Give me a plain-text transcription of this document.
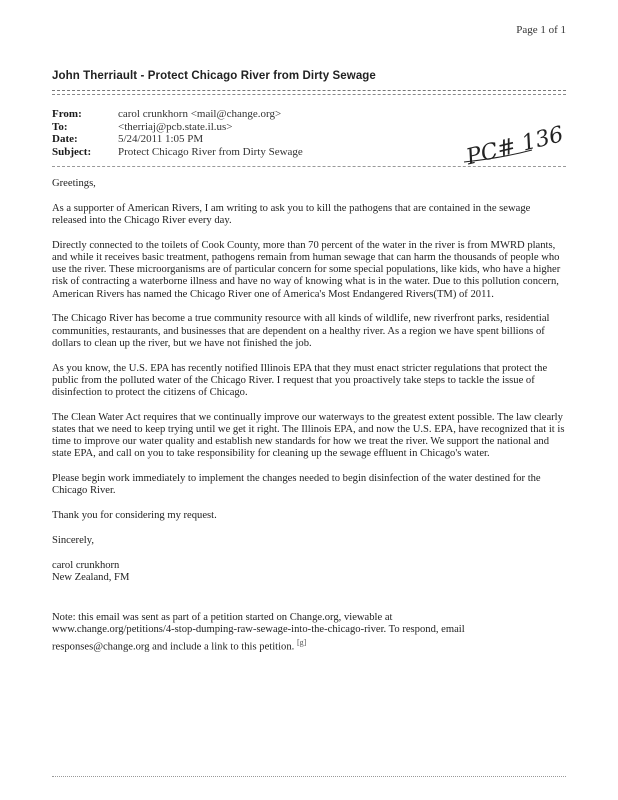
Page 1 of 1
John Therriault - Protect Chicago River from Dirty Sewage
From:	carol crunkhorn <mail@change.org>
To:	<therriaj@pcb.state.il.us>
Date:	5/24/2011 1:05 PM
Subject:	Protect Chicago River from Dirty Sewage	PC# 136

Greetings,

As a supporter of American Rivers, I am writing to ask you to kill the pathogens that are contained in the sewage released into the Chicago River every day.

Directly connected to the toilets of Cook County, more than 70 percent of the water in the river is from MWRD plants, and while it receives basic treatment, pathogens remain from human sewage that can harm the thousands of people who use the river. These microorganisms are of particular concern for some special populations, like kids, who have a higher risk of contracting a waterborne illness and have no way of knowing what is in the water. Due to this pollution concern, American Rivers has named the Chicago River one of America's Most Endangered Rivers(TM) of 2011.

The Chicago River has become a true community resource with all kinds of wildlife, new riverfront parks, residential communities, restaurants, and businesses that are dependent on a healthy river. As a region we have spent billions of dollars to clean up the river, but we have not finished the job.

As you know, the U.S. EPA has recently notified Illinois EPA that they must enact stricter regulations that protect the public from the polluted water of the Chicago River. I request that you proactively take steps to tackle the issue of disinfection to protect the citizens of Chicago.

The Clean Water Act requires that we continually improve our waterways to the greatest extent possible. The law clearly states that we need to keep trying until we get it right. The Illinois EPA, and now the U.S. EPA, have recognized that it is time to improve our water quality and establish new standards for how we treat the river. We support the national and state EPA, and call on you to take responsibility for cleaning up the sewage effluent in Chicago's water.

Please begin work immediately to implement the changes needed to begin disinfection of the water destined for the Chicago River.

Thank you for considering my request.

Sincerely,

carol crunkhorn
New Zealand, FM

Note: this email was sent as part of a petition started on Change.org, viewable at
www.change.org/petitions/4-stop-dumping-raw-sewage-into-the-chicago-river. To respond, email
responses@change.org and include a link to this petition. [g]
